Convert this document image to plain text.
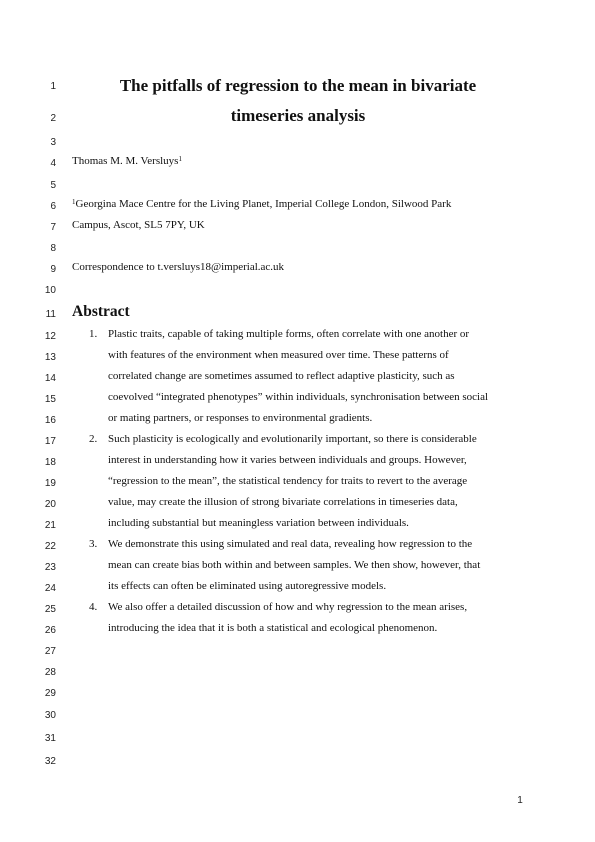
1
2
3
4
5
6
7
8
9
10
11
12
13
14
15
16
17
18
19
20
21
22
23
24
25
26
27
28
29
30
31
32
The pitfalls of regression to the mean in bivariate
timeseries analysis
Thomas M. M. Versluys$^1$
$^1$Georgina Mace Centre for the Living Planet, Imperial College London, Silwood Park
Campus, Ascot, SL5 7PY, UK
Correspondence to t.versluys18@imperial.ac.uk
Abstract
1. Plastic traits, capable of taking multiple forms, often correlate with one another or
with features of the environment when measured over time. These patterns of
correlated change are sometimes assumed to reflect adaptive plasticity, such as
coevolved “integrated phenotypes” within individuals, synchronisation between social
or mating partners, or responses to environmental gradients.
2. Such plasticity is ecologically and evolutionarily important, so there is considerable
interest in understanding how it varies between individuals and groups. However,
“regression to the mean”, the statistical tendency for traits to revert to the average
value, may create the illusion of strong bivariate correlations in timeseries data,
including substantial but meaningless variation between individuals.
3. We demonstrate this using simulated and real data, revealing how regression to the
mean can create bias both within and between samples. We then show, however, that
its effects can often be eliminated using autoregressive models.
4. We also offer a detailed discussion of how and why regression to the mean arises,
introducing the idea that it is both a statistical and ecological phenomenon.
1
